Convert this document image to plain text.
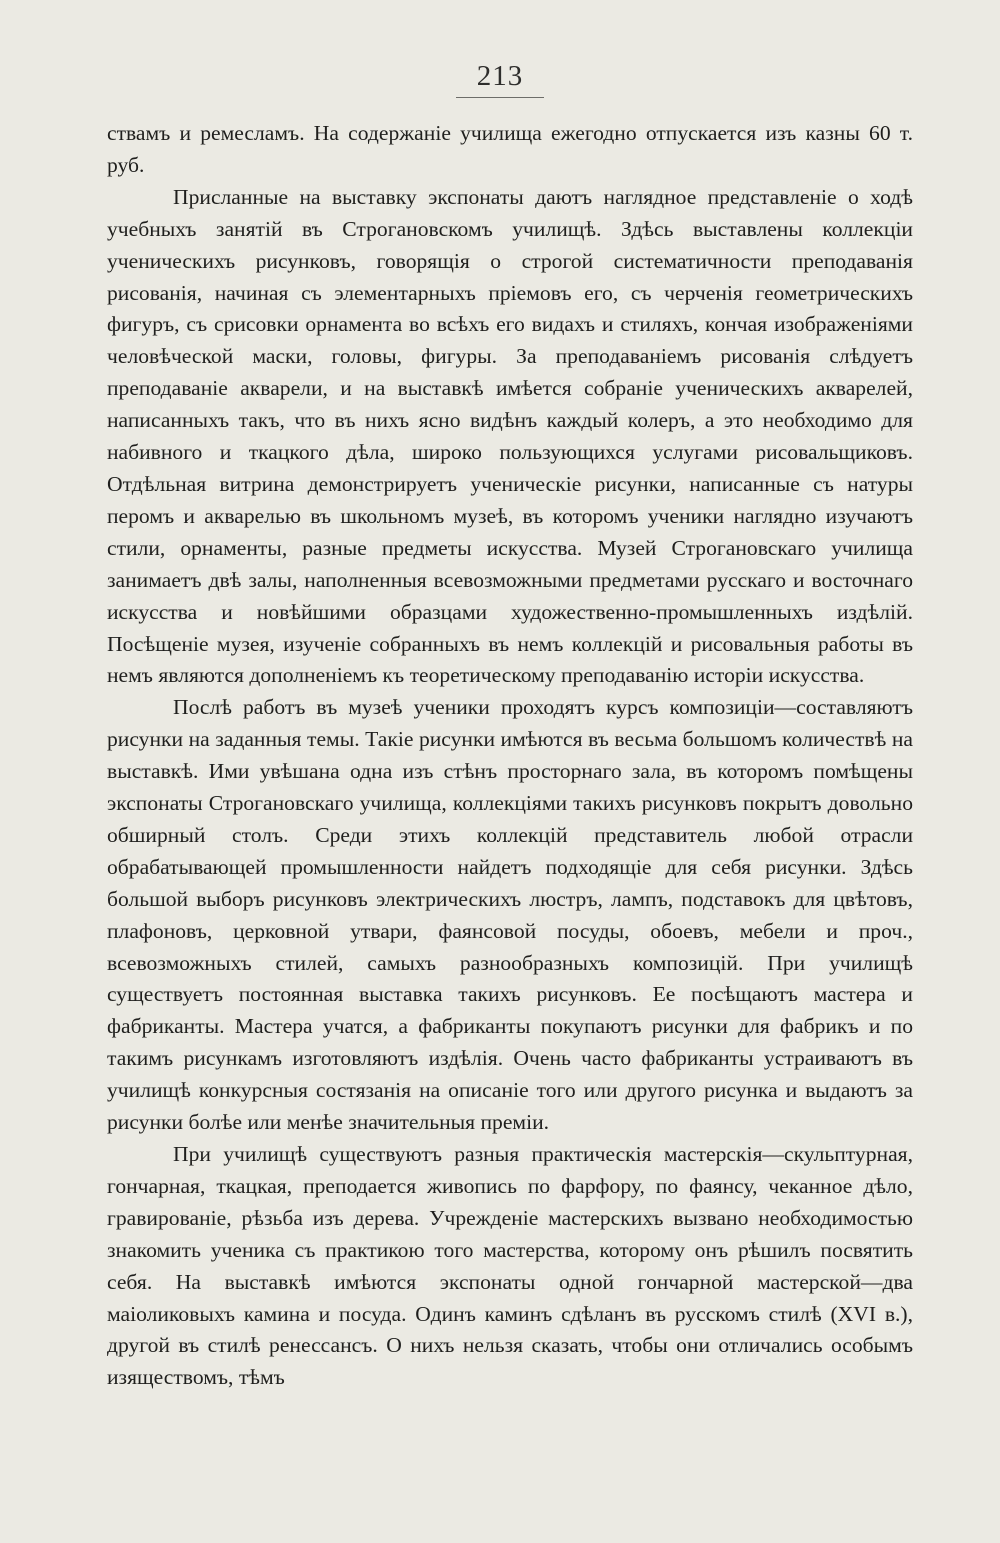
213

ствамъ и ремесламъ. На содержанiе училища ежегодно отпускается изъ казны 60 т. руб.

Присланные на выставку экспонаты даютъ наглядное представленiе о ходѣ учебныхъ занятiй въ Строгановскомъ училищѣ. Здѣсь выставлены коллекцiи ученическихъ рисунковъ, говорящiя о строгой систематичности преподаванiя рисованiя, начиная съ элементарныхъ прiемовъ его, съ черченiя геометрическихъ фигуръ, съ срисовки орнамента во всѣхъ его видахъ и стиляхъ, кончая изображенiями человѣческой маски, головы, фигуры. За преподаванiемъ рисованiя слѣдуетъ преподаванiе акварели, и на выставкѣ имѣется собранiе ученическихъ акварелей, написанныхъ такъ, что въ нихъ ясно видѣнъ каждый колеръ, а это необходимо для набивного и ткацкого дѣла, широко пользующихся услугами рисовальщиковъ. Отдѣльная витрина демонстрируетъ ученическiе рисунки, написанные съ натуры перомъ и акварелью въ школьномъ музеѣ, въ которомъ ученики наглядно изучаютъ стили, орнаменты, разные предметы искусства. Музей Строгановскаго училища занимаетъ двѣ залы, наполненныя всевозможными предметами русскаго и восточнаго искусства и новѣйшими образцами художественно-промышленныхъ издѣлiй. Посѣщенiе музея, изученiе собранныхъ въ немъ коллекцiй и рисовальныя работы въ немъ являются дополненiемъ къ теоретическому преподаванiю исторiи искусства.

Послѣ работъ въ музеѣ ученики проходятъ курсъ композицiи—составляютъ рисунки на заданныя темы. Такiе рисунки имѣются въ весьма большомъ количествѣ на выставкѣ. Ими увѣшана одна изъ стѣнъ просторнаго зала, въ которомъ помѣщены экспонаты Строгановскаго училища, коллекцiями такихъ рисунковъ покрытъ довольно обширный столъ. Среди этихъ коллекцiй представитель любой отрасли обрабатывающей промышленности найдетъ подходящiе для себя рисунки. Здѣсь большой выборъ рисунковъ электрическихъ люстръ, лампъ, подставокъ для цвѣтовъ, плафоновъ, церковной утвари, фаянсовой посуды, обоевъ, мебели и проч., всевозможныхъ стилей, самыхъ разнообразныхъ композицiй. При училищѣ существуетъ постоянная выставка такихъ рисунковъ. Ее посѣщаютъ мастера и фабриканты. Мастера учатся, а фабриканты покупаютъ рисунки для фабрикъ и по такимъ рисункамъ изготовляютъ издѣлiя. Очень часто фабриканты устраиваютъ въ училищѣ конкурсныя состязанiя на описанiе того или другого рисунка и выдаютъ за рисунки болѣе или менѣе значительныя премiи.

При училищѣ существуютъ разныя практическiя мастерскiя—скульптурная, гончарная, ткацкая, преподается живопись по фарфору, по фаянсу, чеканное дѣло, гравированiе, рѣзьба изъ дерева. Учрежденiе мастерскихъ вызвано необходимостью знакомить ученика съ практикою того мастерства, которому онъ рѣшилъ посвятить себя. На выставкѣ имѣются экспонаты одной гончарной мастерской—два маiоликовыхъ камина и посуда. Одинъ каминъ сдѣланъ въ русскомъ стилѣ (XVI в.), другой въ стилѣ ренессансъ. О нихъ нельзя сказать, чтобы они отличались особымъ изяществомъ, тѣмъ
